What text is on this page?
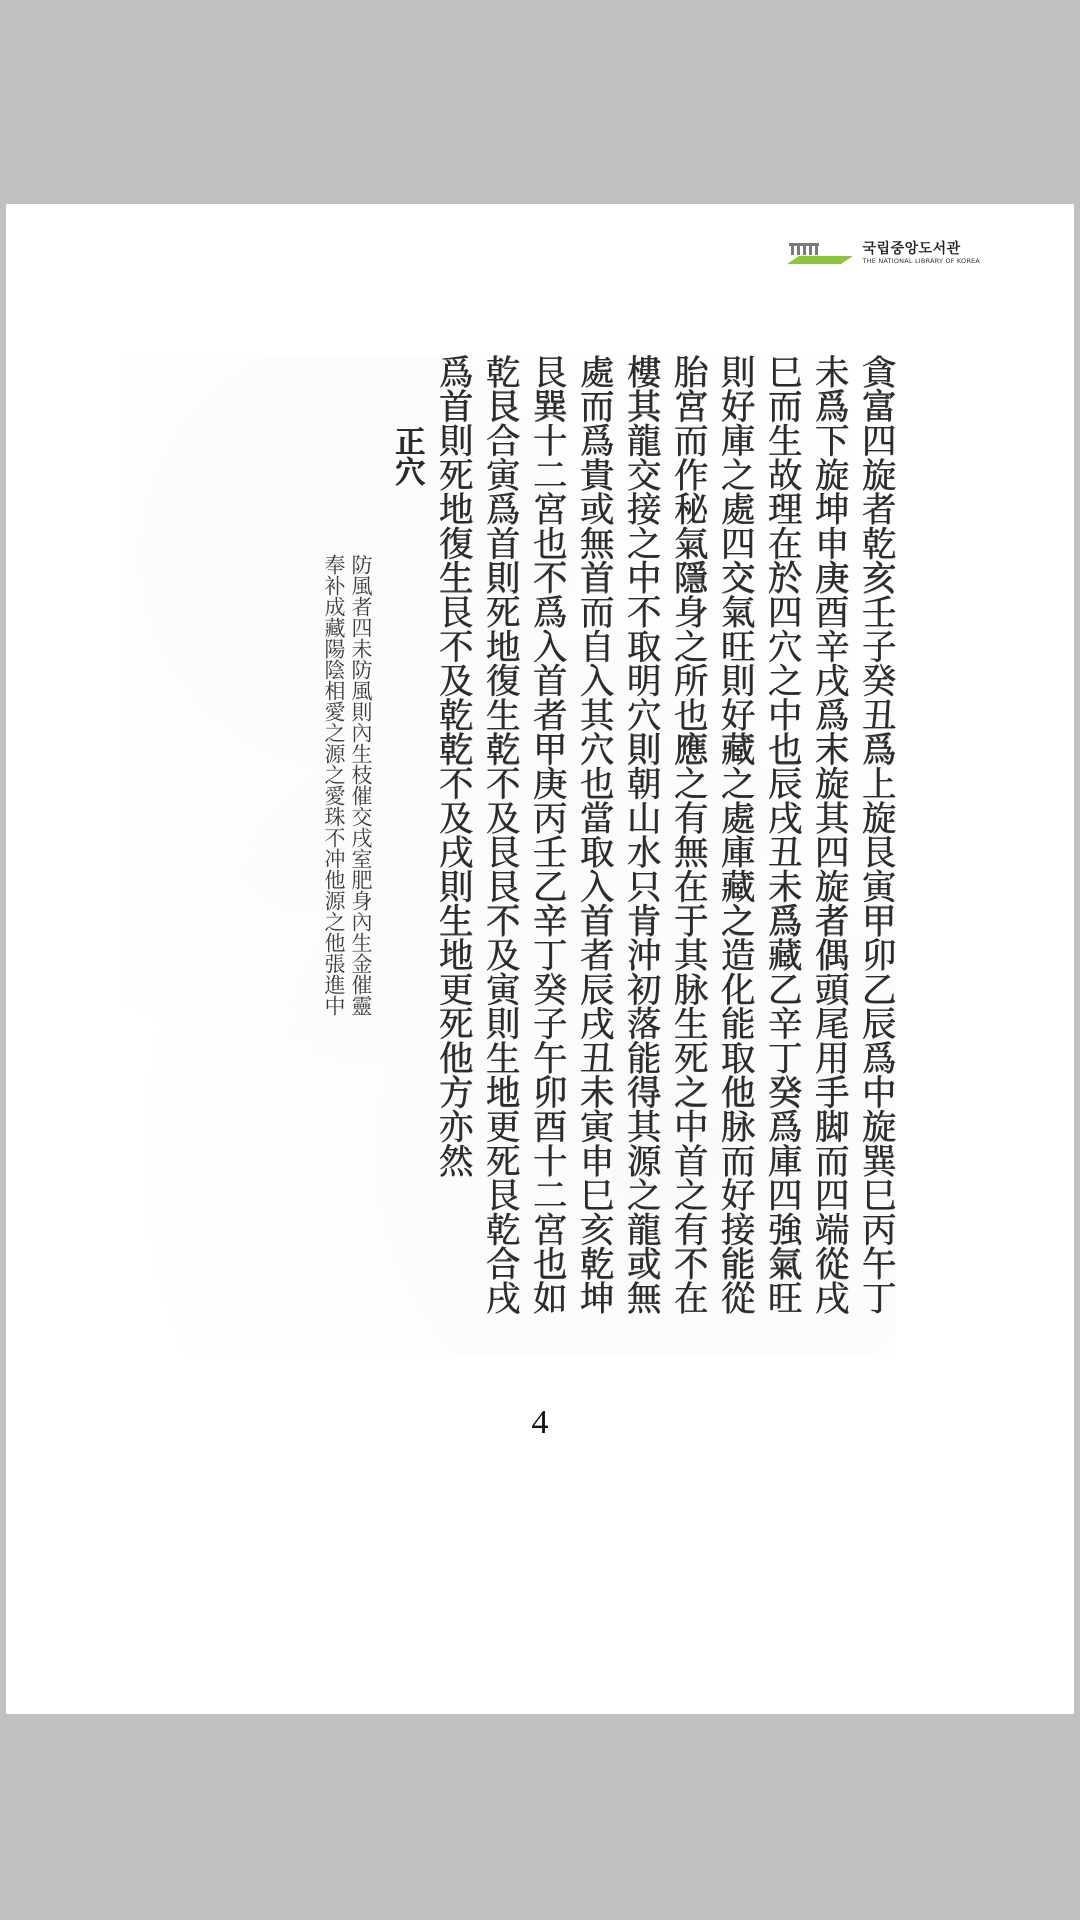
국립중앙도서관
THE NATIONAL LIBRARY OF KOREA
貪富四旋者乾亥壬子癸丑爲上旋艮寅甲卯乙辰爲中旋巽巳丙午丁
未爲下旋坤申庚酉辛戌爲末旋其四旋者偶頭尾用手脚而四端從戌
巳而生故理在於四穴之中也辰戌丑未爲藏乙辛丁癸爲庫四強氣旺
則好庫之處四交氣旺則好藏之處庫藏之造化能取他脉而好接能從
胎宮而作秘氣隱身之所也應之有無在于其脉生死之中首之有不在
樓其龍交接之中不取明穴則朝山水只肯沖初落能得其源之龍或無
處而爲貴或無首而自入其穴也當取入首者辰戌丑未寅申巳亥乾坤
艮巽十二宮也不爲入首者甲庚丙壬乙辛丁癸子午卯酉十二宮也如
乾艮合寅爲首則死地復生乾不及艮艮不及寅則生地更死艮乾合戌
爲首則死地復生艮不及乾乾不及戌則生地更死他方亦然
正穴
防風者四未防風則內生枝催交戌室肥身內生金催靈
奉补成藏陽陰相愛之源之愛珠不冲他源之他張進中
4
